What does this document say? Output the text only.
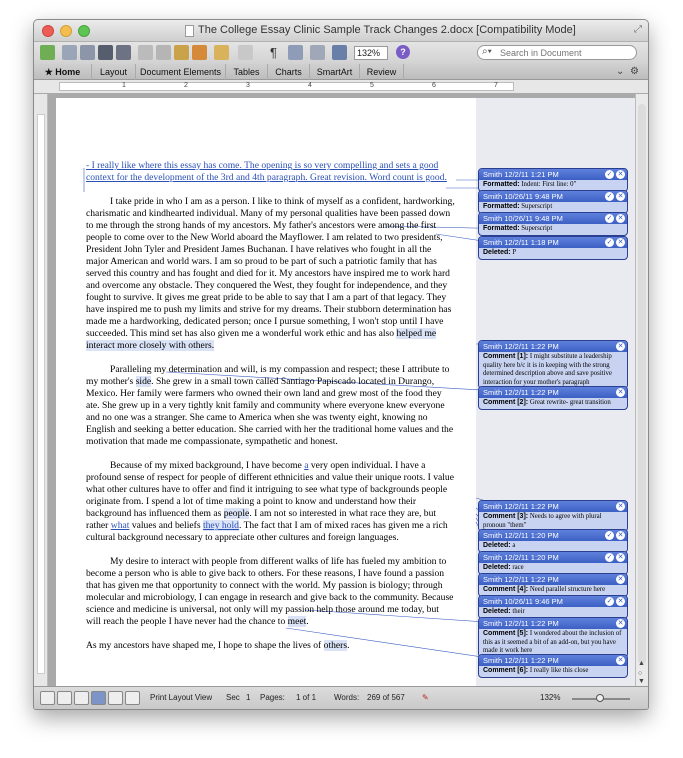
The College Essay Clinic Sample Track Changes 2.docx [Compatibility Mode]	⤢
¶	132%	?	⌕▾
Search in Document
★ Home	Layout	Document Elements	Tables	Charts	SmartArt	Review	⌄ ⚙
1	2	3	4	5	6	7

- I really like where this essay has come. The opening is so very compelling and sets a good context for the development of the 3rd and 4th paragraph. Great revision. Word count is good.

I take pride in who I am as a person. I like to think of myself as a confident, hardworking, charismatic and kindhearted individual. Many of my personal qualities have been passed down to me through the strong hands of my ancestors. My father's ancestors were among the first people to come over to the New World aboard the Mayflower. I am related to two presidents, President John Tyler and President James Buchanan. I have relatives who fought in all the major American and world wars. I am so proud to be part of such a patriotic family that has served this country and has fought and died for it. My ancestors have inspired me to work hard and overcome any obstacle. They conquered the West, they fought for independence, and they fought to survive. It gives me great pride to be able to say that I am a part of that legacy. They have inspired me to push my limits and strive for my dreams. Their stubborn determination has made me a hardworking, dedicated person; once I pursue something, I won't stop until I have succeeded. This mind set has also given me a wonderful work ethic and has also helped me interact more closely with others.

Paralleling my determination and will, is my compassion and respect; these I attribute to my mother's side. She grew in a small town called Santiago Papiscado located in Durango, Mexico. Her family were farmers who owned their own land and grew most of the food they ate. She grew up in a very tightly knit family and community where everyone knew everyone and no one was a stranger. She came to America when she was twenty eight, knowing no English and seeking a better education. She carried with her the traditional home values and the motivation that made me compassionate, sympathetic and honest.

Because of my mixed background, I have become a very open individual. I have a profound sense of respect for people of different ethnicities and value their unique roots. I value what other cultures have to offer and find it intriguing to see what type of backgrounds people originate from. I spend a lot of time making a point to know and understand how their background has influenced them as people. I am not so interested in what race they are, but rather what values and beliefs they hold. The fact that I am of mixed races has given me a rich cultural background necessary to appreciate other cultures and foreign languages.

My desire to interact with people from different walks of life has fueled my ambition to become a person who is able to give back to others. For these reasons, I have found a passion that has given me that opportunity to connect with the world. My passion is biology; through molecular and microbiology, I can engage in research and give back to the community. Because science and medicine is universal, not only will my passion help those around me today, but will reach the people I have never had the chance to meet.

As my ancestors have shaped me, I hope to shape the lives of others.

Smith 12/2/11 1:21 PM	✓ ✕
Formatted: Indent: First line: 0"
Smith 10/26/11 9:48 PM	✓ ✕
Formatted: Superscript
Smith 10/26/11 9:48 PM	✓ ✕
Formatted: Superscript
Smith 12/2/11 1:18 PM	✓ ✕
Deleted: P
Smith 12/2/11 1:22 PM	✕
Comment [1]: I might substitute a leadership quality here b/c it is in keeping with the strong determined description above and save positive interaction for your mother's paragraph
Smith 12/2/11 1:22 PM	✕
Comment [2]: Great rewrite- great transition
Smith 12/2/11 1:22 PM	✕
Comment [3]: Needs to agree with plural pronoun "them"
Smith 12/2/11 1:20 PM	✓ ✕
Deleted: a
Smith 12/2/11 1:20 PM	✓ ✕
Deleted: race
Smith 12/2/11 1:22 PM	✕
Comment [4]: Need parallel structure here
Smith 10/26/11 9:46 PM	✓ ✕
Deleted: their
Smith 12/2/11 1:22 PM	✕
Comment [5]: I wondered about the inclusion of this as it seemed a bit of an add-on, but you have made it work here
Smith 12/2/11 1:22 PM	✕
Comment [6]: I really like this close
▲
○
▼
Print Layout View Sec 1 Pages: 1 of 1 Words: 269 of 567 ✎	132%
